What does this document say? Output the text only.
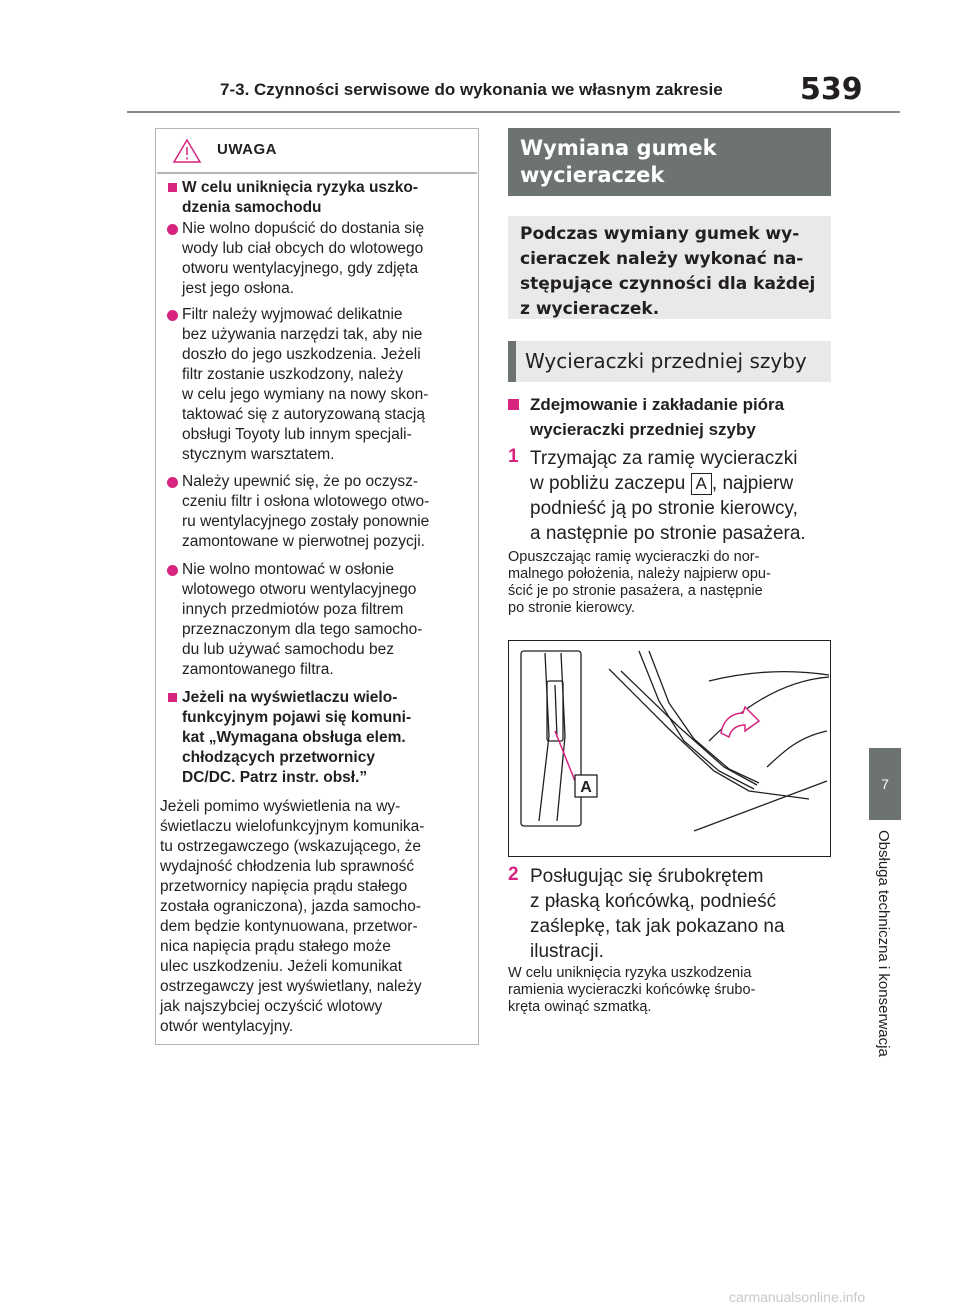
7-3. Czynności serwisowe do wykonania we własnym zakresie	539
UWAGA
W celu uniknięcia ryzyka uszko-
dzenia samochodu
Nie wolno dopuścić do dostania się
wody lub ciał obcych do wlotowego
otworu wentylacyjnego, gdy zdjęta
jest jego osłona.
Filtr należy wyjmować delikatnie
bez używania narzędzi tak, aby nie
doszło do jego uszkodzenia. Jeżeli
filtr zostanie uszkodzony, należy
w celu jego wymiany na nowy skon-
taktować się z autoryzowaną stacją
obsługi Toyoty lub innym specjali-
stycznym warsztatem.
Należy upewnić się, że po oczysz-
czeniu filtr i osłona wlotowego otwo-
ru wentylacyjnego zostały ponownie
zamontowane w pierwotnej pozycji.
Nie wolno montować w osłonie
wlotowego otworu wentylacyjnego
innych przedmiotów poza filtrem
przeznaczonym dla tego samocho-
du lub używać samochodu bez
zamontowanego filtra.
Jeżeli na wyświetlaczu wielo-
funkcyjnym pojawi się komuni-
kat „Wymagana obsługa elem.
chłodzących przetwornicy
DC/DC. Patrz instr. obsł.”
Jeżeli pomimo wyświetlenia na wy-
świetlaczu wielofunkcyjnym komunika-
tu ostrzegawczego (wskazującego, że
wydajność chłodzenia lub sprawność
przetwornicy napięcia prądu stałego
została ograniczona), jazda samocho-
dem będzie kontynuowana, przetwor-
nica napięcia prądu stałego może
ulec uszkodzeniu. Jeżeli komunikat
ostrzegawczy jest wyświetlany, należy
jak najszybciej oczyścić wlotowy
otwór wentylacyjny.
Wymiana gumek
wycieraczek
Podczas wymiany gumek wy-
cieraczek należy wykonać na-
stępujące czynności dla każdej
z wycieraczek.
Wycieraczki przedniej szyby
Zdejmowanie i zakładanie pióra
wycieraczki przedniej szyby
1 Trzymając za ramię wycieraczki
w pobliżu zaczepu A , najpierw
podnieść ją po stronie kierowcy,
a następnie po stronie pasażera.
Opuszczając ramię wycieraczki do nor-
malnego położenia, należy najpierw opu-
ścić je po stronie pasażera, a następnie
po stronie kierowcy.
A
2 Posługując się śrubokrętem
z płaską końcówką, podnieść
zaślepkę, tak jak pokazano na
ilustracji.
W celu uniknięcia ryzyka uszkodzenia
ramienia wycieraczki końcówkę śrubo-
kręta owinąć szmatką.
7
Obsługa techniczna i konserwacja
carmanualsonline.info
